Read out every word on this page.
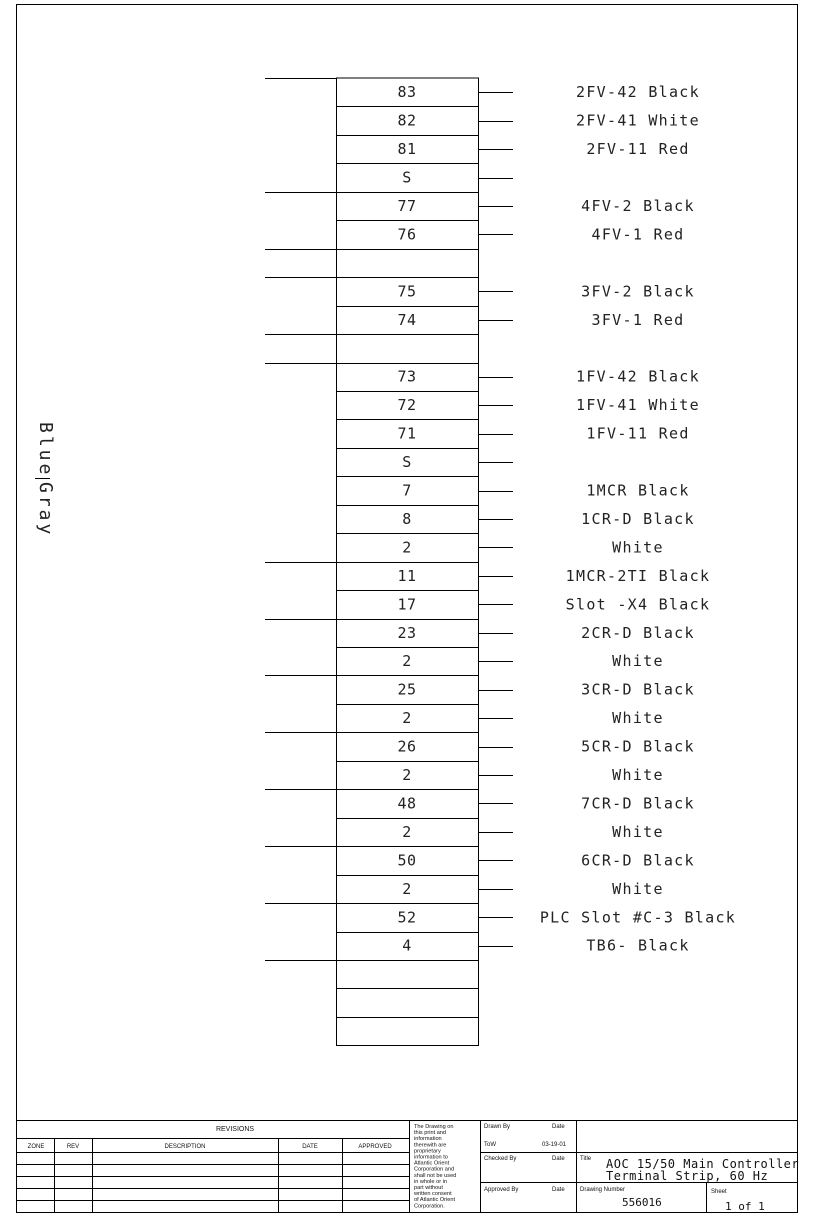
Blue
Gray
83	2FV-42 Black
82	2FV-41 White
81	2FV-11 Red
S
77	4FV-2 Black
76	4FV-1 Red
75	3FV-2 Black
74	3FV-1 Red
73	1FV-42 Black
72	1FV-41 White
71	1FV-11 Red
S
7	1MCR Black
8	1CR-D Black
2	White
11	1MCR-2TI Black
17	Slot -X4 Black
23	2CR-D Black
2	White
25	3CR-D Black
2	White
26	5CR-D Black
2	White
48	7CR-D Black
2	White
50	6CR-D Black
2	White
52	PLC Slot #C-3 Black
4	TB6- Black
REVISIONS
ZONE	REV	DESCRIPTION	DATE	APPROVED
The Drawing on
this print and
information
therewith are
proprietary
information to
Atlantic Orient
Corporation and
shall not be used
in whole or in
part without
written consent
of Atlantic Orient
Corporation.
Drawn By	Date
ToW	03-19-01
Checked By	Date
Approved By	Date
Title AOC 15/50 Main Controller
Terminal Strip, 60 Hz
Drawing Number
556016
Sheet
1 of 1
